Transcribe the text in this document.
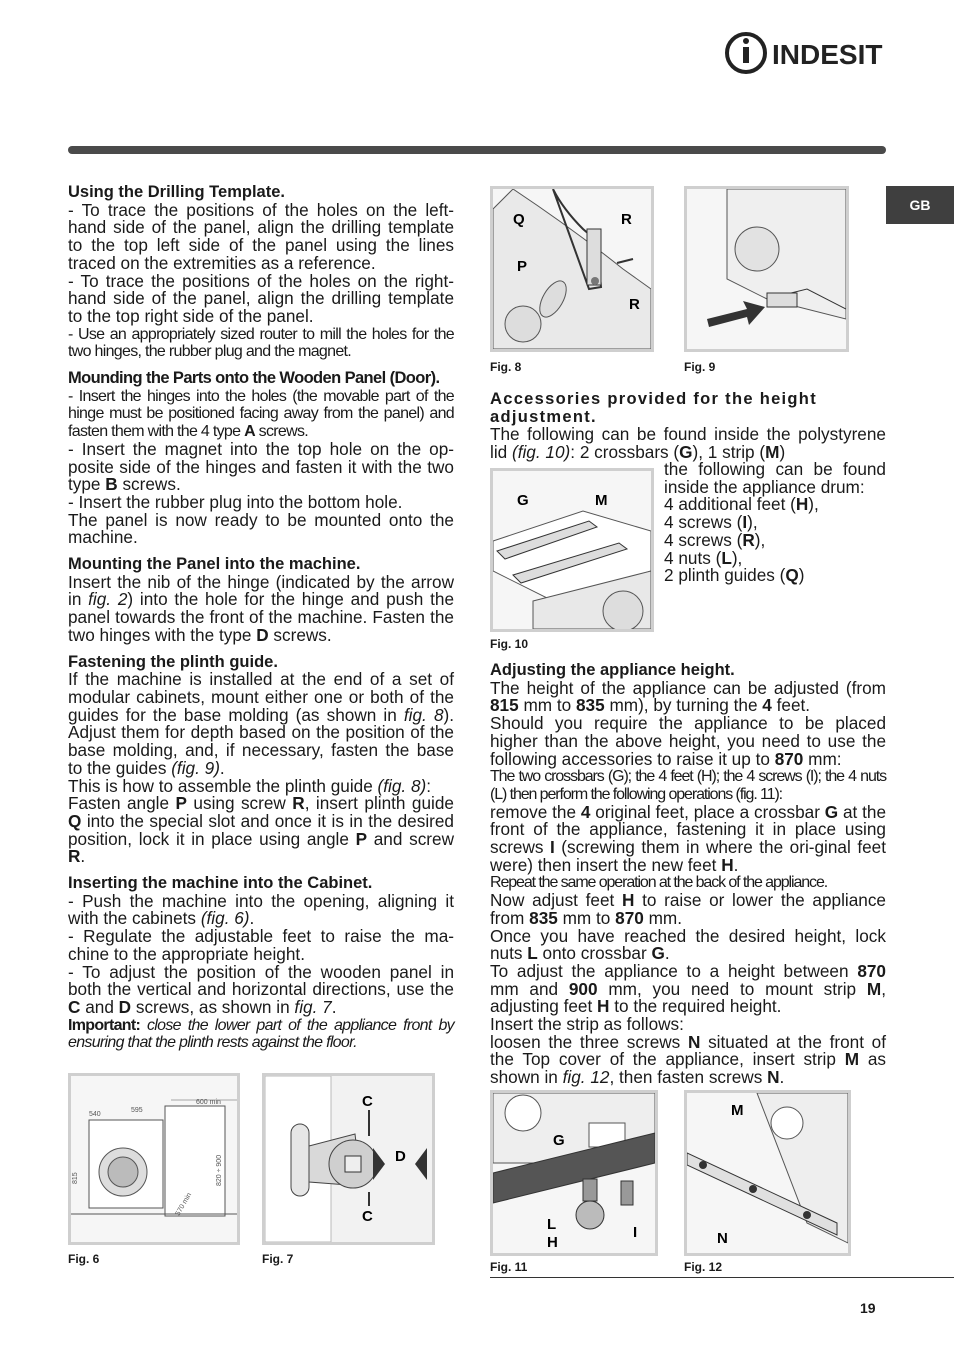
INDESIT
GB
Using the Drilling Template.
- To trace the positions of the holes on the left-hand side of the panel, align the drilling template to the top left side of the panel using the lines traced on the extremities as a reference.
- To trace the positions of the holes on the right-hand side of the panel, align the drilling template to the top right side of the panel.
- Use an appropriately sized router to mill the holes for the two hinges, the rubber plug and the magnet.
Mounding the Parts onto the Wooden Panel (Door).
- Insert the hinges into the holes (the movable part of the hinge must be positioned facing away from the panel) and fasten them with the 4 type A screws.
- Insert the magnet into the top hole on the op-posite side of the hinges and fasten it with the two type B screws.
- Insert the rubber plug into the bottom hole.
The panel is now ready to be mounted onto the machine.
Mounting the Panel into the machine.
Insert the nib of the hinge (indicated by the arrow in fig. 2) into the hole for the hinge and push the panel towards the front of the machine. Fasten the two hinges with the type D screws.
Fastening the plinth guide.
If the machine is installed at the end of a set of modular cabinets, mount either one or both of the guides for the base molding (as shown in fig. 8). Adjust them for depth based on the position of the base molding, and, if necessary, fasten the base to the guides (fig. 9).
This is how to assemble the plinth guide (fig. 8):
Fasten angle P using screw R, insert plinth guide Q into the special slot and once it is in the desired position, lock it in place using angle P and screw R.
Inserting the machine into the Cabinet.
- Push the machine into the opening, aligning it with the cabinets (fig. 6).
- Regulate the adjustable feet to raise the ma-chine to the appropriate height.
- To adjust the position of the wooden panel in both the vertical and horizontal directions, use the C and D screws, as shown in fig. 7.
Important: close the lower part of the appliance front by ensuring that the plinth rests against the floor.
600 min
540
595
815	820 ÷ 900
570 min
Fig. 6
C
D
C
Fig. 7
Q	R
P
R
Fig. 8	Fig. 9
Accessories provided for the height adjustment.
The following can be found inside the polystyrene lid (fig. 10): 2 crossbars (G), 1 strip (M)
G	M
Fig. 10
the following can be found inside the appliance drum:
4 additional feet (H),
4 screws (I),
4 screws (R),
4 nuts (L),
2 plinth guides (Q)
Adjusting the appliance height.
The height of the appliance can be adjusted (from 815 mm to 835 mm), by turning the 4 feet.
Should you require the appliance to be placed higher than the above height, you need to use the following accessories to raise it up to 870 mm:
The two crossbars (G); the 4 feet (H); the 4 screws (I); the 4 nuts (L) then perform the following operations (fig. 11):
remove the 4 original feet, place a crossbar G at the front of the appliance, fastening it in place using screws I (screwing them in where the ori-ginal feet were) then insert the new feet H.
Repeat the same operation at the back of the appliance.
Now adjust feet H to raise or lower the appliance from 835 mm to 870 mm.
Once you have reached the desired height, lock nuts L onto crossbar G.
To adjust the appliance to a height between 870 mm and 900 mm, you need to mount strip M, adjusting feet H to the required height.
Insert the strip as follows:
loosen the three screws N situated at the front of the Top cover of the appliance, insert strip M as shown in fig. 12, then fasten screws N.
G
L
H
I
Fig. 11
M
N
Fig. 12
19
